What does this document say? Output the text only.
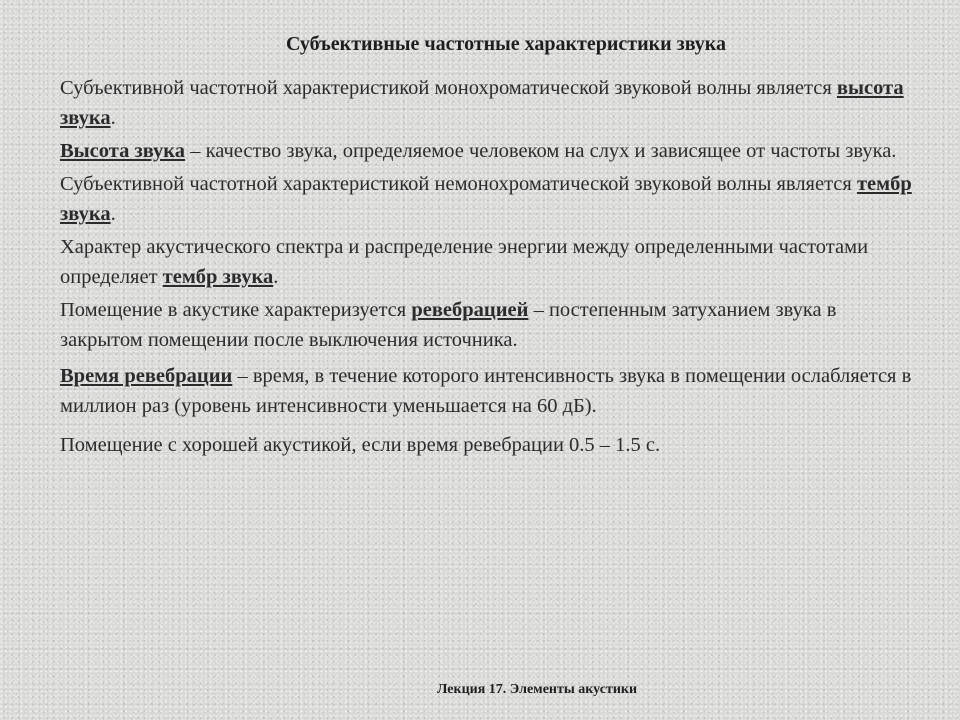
Субъективные частотные характеристики звука

Субъективной частотной характеристикой монохроматической звуковой волны является высота звука.

Высота звука – качество звука, определяемое человеком на слух и зависящее от частоты звука.

Субъективной частотной характеристикой немонохроматической звуковой волны является тембр звука.

Характер акустического спектра и распределение энергии между определенными частотами определяет тембр звука.

Помещение в акустике характеризуется ревебрацией – постепенным затуханием звука в закрытом помещении после выключения источника.

Время ревебрации – время, в течение которого интенсивность звука в помещении ослабляется в миллион раз (уровень интенсивности уменьшается на 60 дБ).

Помещение с хорошей акустикой, если время ревебрации 0.5 – 1.5 с.

Лекция 17. Элементы акустики
